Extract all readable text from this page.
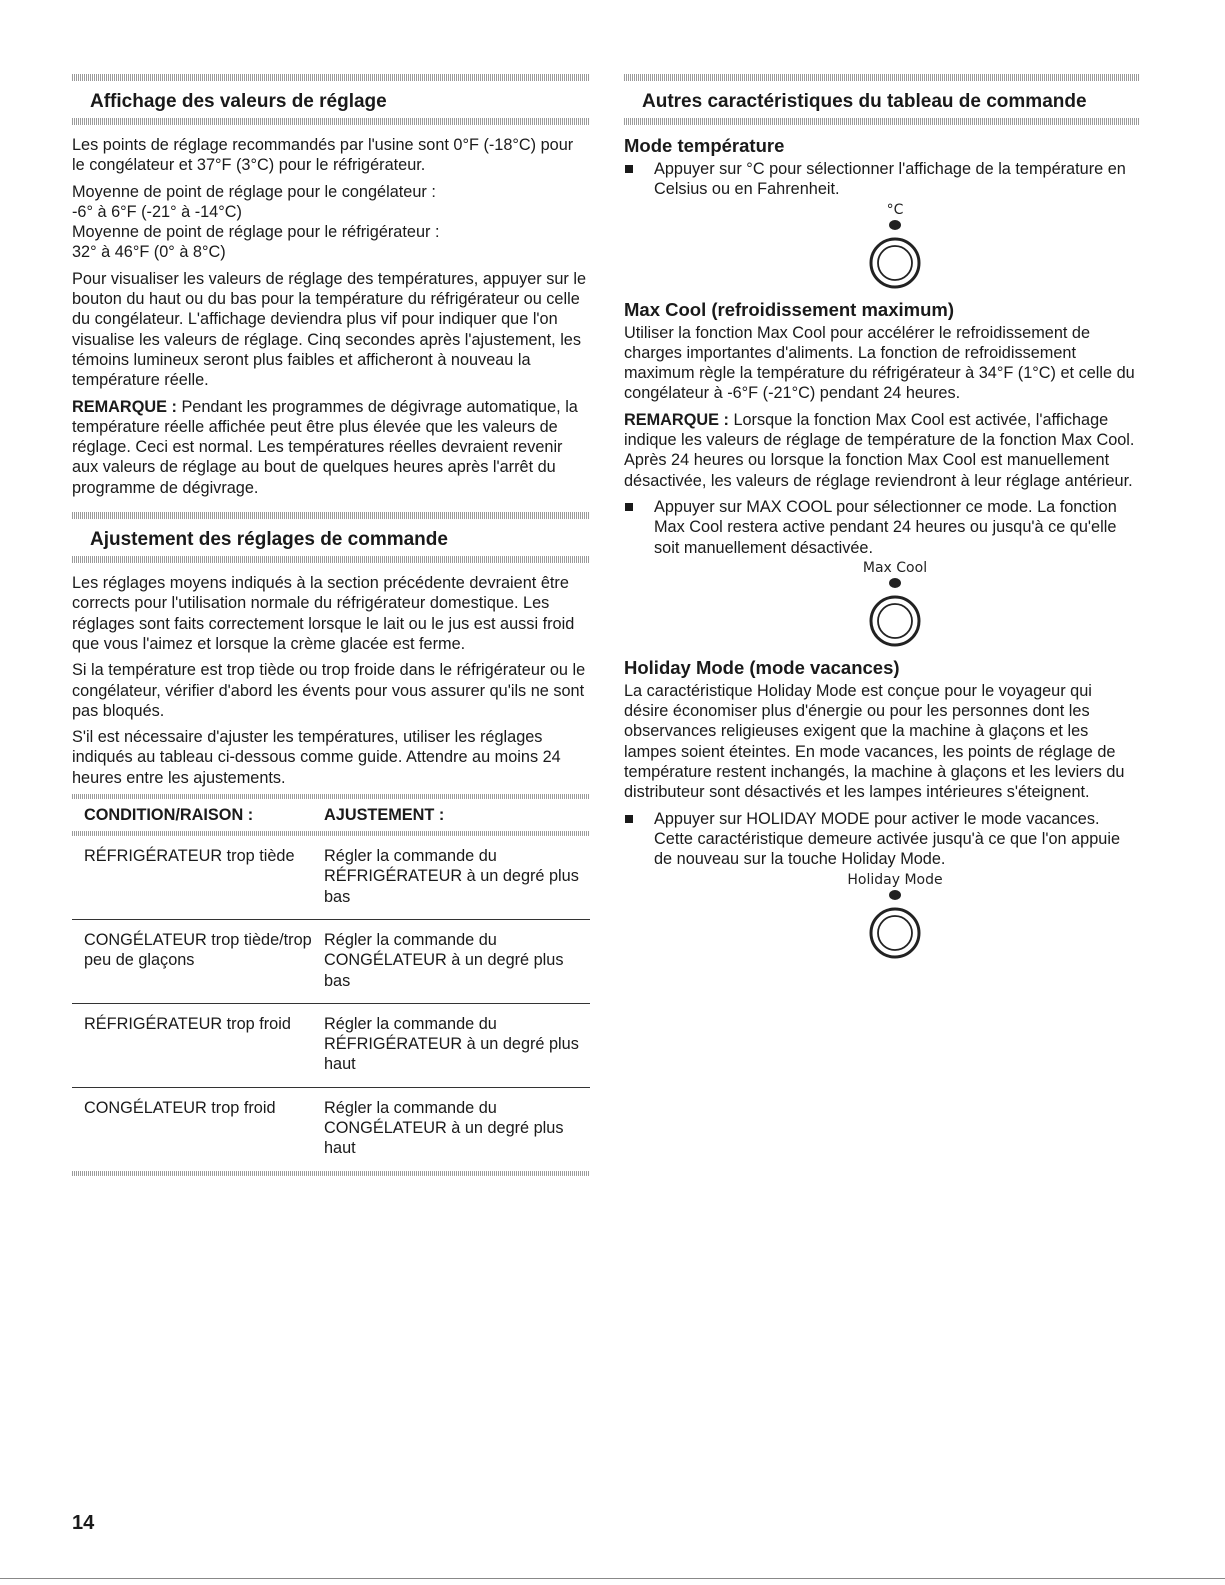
Affichage des valeurs de réglage

Les points de réglage recommandés par l'usine sont 0°F (-18°C) pour le congélateur et 37°F (3°C) pour le réfrigérateur.

Moyenne de point de réglage pour le congélateur :

-6° à 6°F (-21° à -14°C)

Moyenne de point de réglage pour le réfrigérateur :

32° à 46°F (0° à 8°C)

Pour visualiser les valeurs de réglage des températures, appuyer sur le bouton du haut ou du bas pour la température du réfrigérateur ou celle du congélateur. L'affichage deviendra plus vif pour indiquer que l'on visualise les valeurs de réglage. Cinq secondes après l'ajustement, les témoins lumineux seront plus faibles et afficheront à nouveau la température réelle.

REMARQUE : Pendant les programmes de dégivrage automatique, la température réelle affichée peut être plus élevée que les valeurs de réglage. Ceci est normal. Les températures réelles devraient revenir aux valeurs de réglage au bout de quelques heures après l'arrêt du programme de dégivrage.

Ajustement des réglages de commande

Les réglages moyens indiqués à la section précédente devraient être corrects pour l'utilisation normale du réfrigérateur domestique. Les réglages sont faits correctement lorsque le lait ou le jus est aussi froid que vous l'aimez et lorsque la crème glacée est ferme.

Si la température est trop tiède ou trop froide dans le réfrigérateur ou le congélateur, vérifier d'abord les évents pour vous assurer qu'ils ne sont pas bloqués.

S'il est nécessaire d'ajuster les températures, utiliser les réglages indiqués au tableau ci-dessous comme guide. Attendre au moins 24 heures entre les ajustements.

CONDITION/RAISON :	AJUSTEMENT :

RÉFRIGÉRATEUR trop tiède	Régler la commande du RÉFRIGÉRATEUR à un degré plus bas
CONGÉLATEUR trop tiède/trop peu de glaçons	Régler la commande du CONGÉLATEUR à un degré plus bas
RÉFRIGÉRATEUR trop froid	Régler la commande du RÉFRIGÉRATEUR à un degré plus haut
CONGÉLATEUR trop froid	Régler la commande du CONGÉLATEUR à un degré plus haut

Autres caractéristiques du tableau de commande
Mode température
Appuyer sur °C pour sélectionner l'affichage de la température en Celsius ou en Fahrenheit.
°C
Max Cool (refroidissement maximum)

Utiliser la fonction Max Cool pour accélérer le refroidissement de charges importantes d'aliments. La fonction de refroidissement maximum règle la température du réfrigérateur à 34°F (1°C) et celle du congélateur à -6°F (-21°C) pendant 24 heures.

REMARQUE : Lorsque la fonction Max Cool est activée, l'affichage indique les valeurs de réglage de température de la fonction Max Cool. Après 24 heures ou lorsque la fonction Max Cool est manuellement désactivée, les valeurs de réglage reviendront à leur réglage antérieur.

Appuyer sur MAX COOL pour sélectionner ce mode. La fonction Max Cool restera active pendant 24 heures ou jusqu'à ce qu'elle soit manuellement désactivée.
Max Cool
Holiday Mode (mode vacances)

La caractéristique Holiday Mode est conçue pour le voyageur qui désire économiser plus d'énergie ou pour les personnes dont les observances religieuses exigent que la machine à glaçons et les lampes soient éteintes. En mode vacances, les points de réglage de température restent inchangés, la machine à glaçons et les leviers du distributeur sont désactivés et les lampes intérieures s'éteignent.

Appuyer sur HOLIDAY MODE pour activer le mode vacances. Cette caractéristique demeure activée jusqu'à ce que l'on appuie de nouveau sur la touche Holiday Mode.
Holiday Mode
14
